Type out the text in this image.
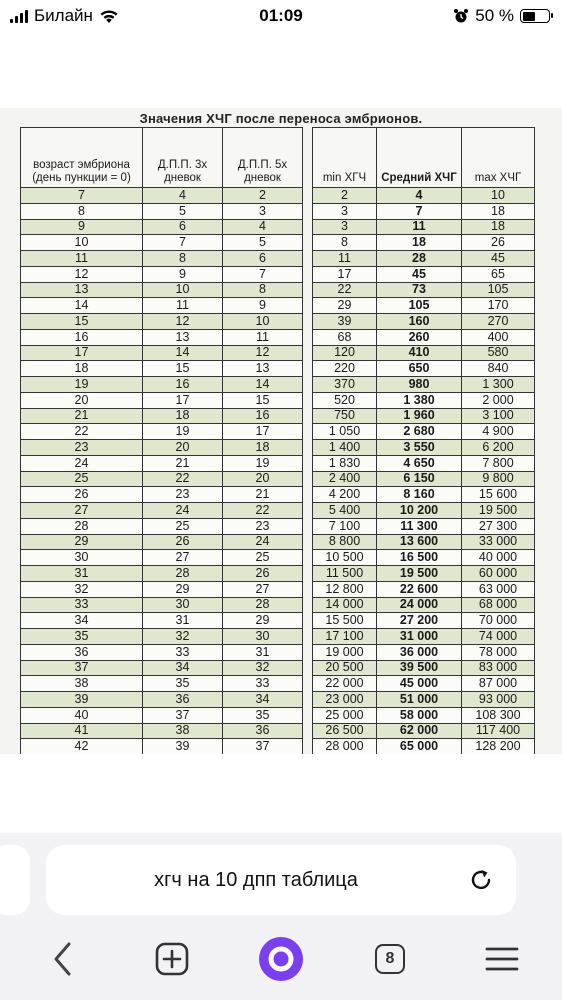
Билайн	01:09	50 %
Значения ХЧГ после переноса эмбрионов.
возраст эмбриона (день пункции = 0)	Д.П.П. 3х дневок	Д.П.П. 5х дневок		min ХГЧ	Средний ХЧГ	max ХЧГ
7	4	2		2	4	10
8	5	3		3	7	18
9	6	4		3	11	18
10	7	5		8	18	26
11	8	6		11	28	45
12	9	7		17	45	65
13	10	8		22	73	105
14	11	9		29	105	170
15	12	10		39	160	270
16	13	11		68	260	400
17	14	12		120	410	580
18	15	13		220	650	840
19	16	14		370	980	1 300
20	17	15		520	1 380	2 000
21	18	16		750	1 960	3 100
22	19	17		1 050	2 680	4 900
23	20	18		1 400	3 550	6 200
24	21	19		1 830	4 650	7 800
25	22	20		2 400	6 150	9 800
26	23	21		4 200	8 160	15 600
27	24	22		5 400	10 200	19 500
28	25	23		7 100	11 300	27 300
29	26	24		8 800	13 600	33 000
30	27	25		10 500	16 500	40 000
31	28	26		11 500	19 500	60 000
32	29	27		12 800	22 600	63 000
33	30	28		14 000	24 000	68 000
34	31	29		15 500	27 200	70 000
35	32	30		17 100	31 000	74 000
36	33	31		19 000	36 000	78 000
37	34	32		20 500	39 500	83 000
38	35	33		22 000	45 000	87 000
39	36	34		23 000	51 000	93 000
40	37	35		25 000	58 000	108 300
41	38	36		26 500	62 000	117 400
42	39	37		28 000	65 000	128 200
хгч на 10 дпп таблица
8
